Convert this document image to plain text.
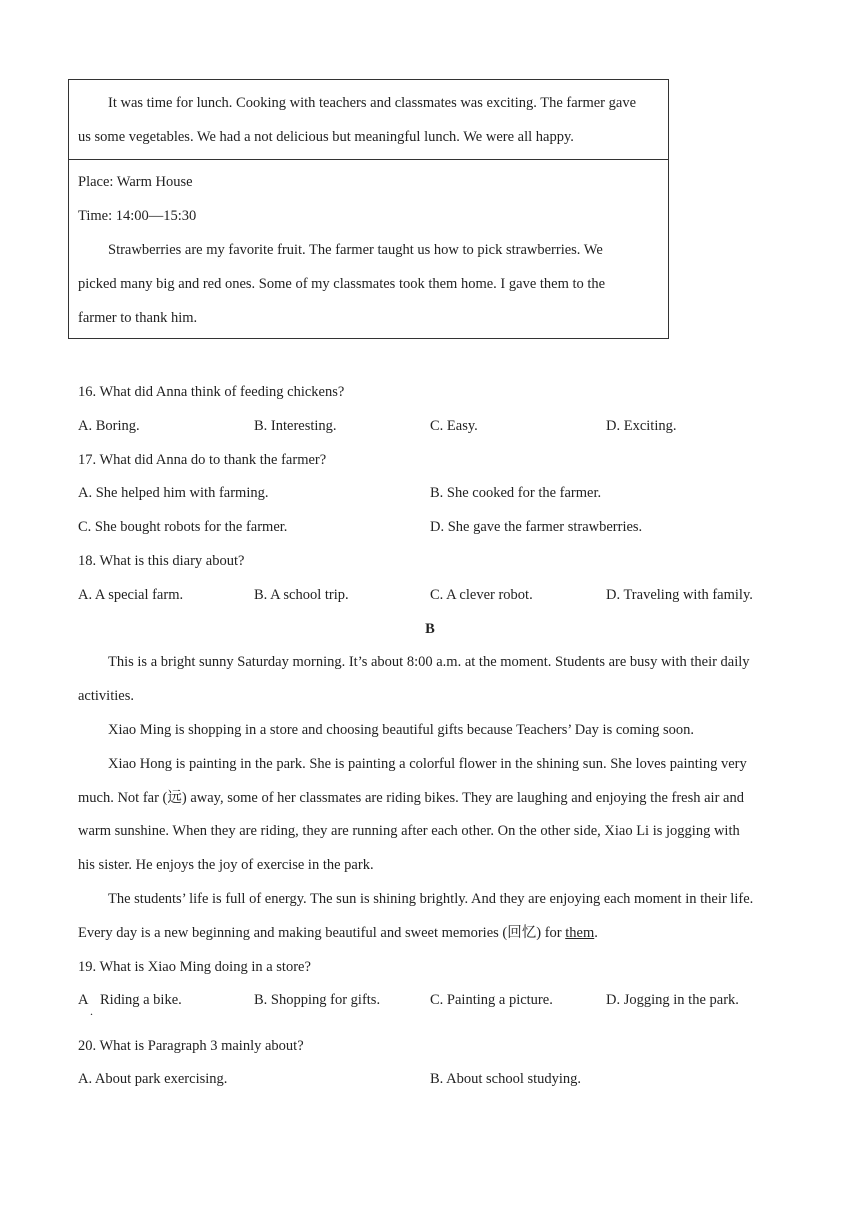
It was time for lunch. Cooking with teachers and classmates was exciting. The farmer gave
us some vegetables. We had a not delicious but meaningful lunch. We were all happy.
Place: Warm House
Time: 14:00—15:30
Strawberries are my favorite fruit. The farmer taught us how to pick strawberries. We
picked many big and red ones. Some of my classmates took them home. I gave them to the
farmer to thank him.
16. What did Anna think of feeding chickens?
A. Boring.	B. Interesting.	C. Easy.	D. Exciting.
17. What did Anna do to thank the farmer?
A. She helped him with farming.	B. She cooked for the farmer.
C. She bought robots for the farmer.	D. She gave the farmer strawberries.
18. What is this diary about?
A. A special farm.	B. A school trip.	C. A clever robot.	D. Traveling with family.
B
This is a bright sunny Saturday morning. It’s about 8:00 a.m. at the moment. Students are busy with their daily
activities.
Xiao Ming is shopping in a store and choosing beautiful gifts because Teachers’ Day is coming soon.
Xiao Hong is painting in the park. She is painting a colorful flower in the shining sun. She loves painting very
much. Not far (远) away, some of her classmates are riding bikes. They are laughing and enjoying the fresh air and
warm sunshine. When they are riding, they are running after each other. On the other side, Xiao Li is jogging with
his sister. He enjoys the joy of exercise in the park.
The students’ life is full of energy. The sun is shining brightly. And they are enjoying each moment in their life.
Every day is a new beginning and making beautiful and sweet memories (回忆) for them.
19. What is Xiao Ming doing in a store?
A
.
Riding a bike.	B. Shopping for gifts.	C. Painting a picture.	D. Jogging in the park.
20. What is Paragraph 3 mainly about?
A. About park exercising.	B. About school studying.
